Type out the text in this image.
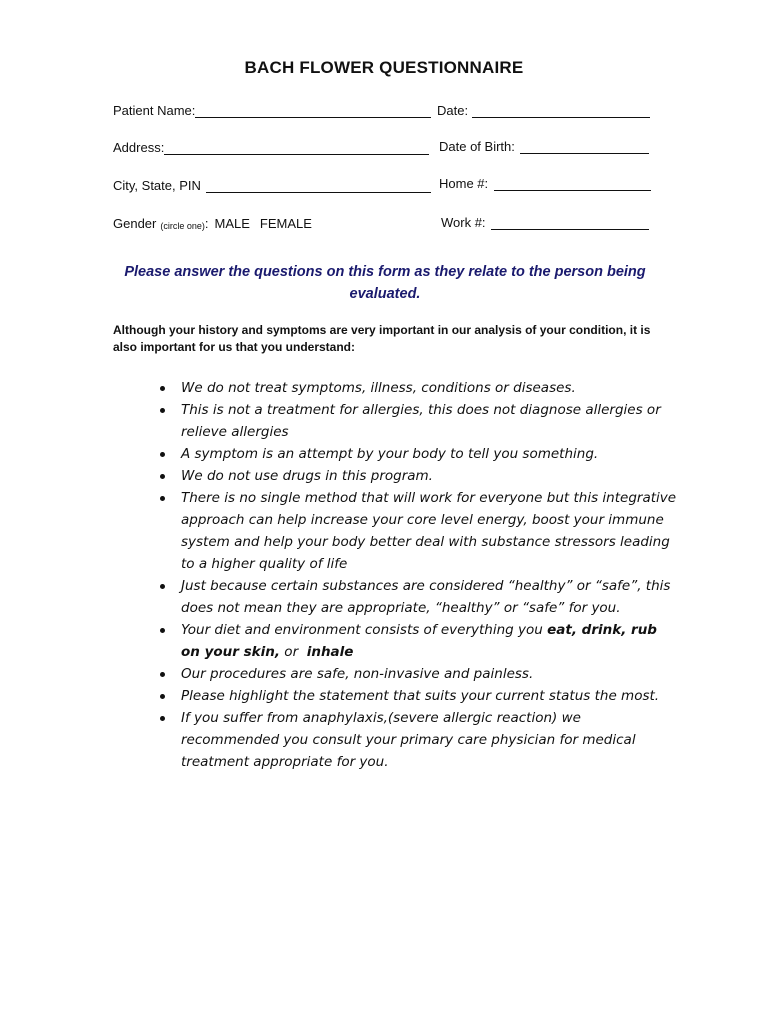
BACH FLOWER QUESTIONNAIRE
Patient Name:	Date:
Address:	Date of Birth:
City, State, PIN	Home #:
Gender (circle one) : MALE FEMALE	Work #:
Please answer the questions on this form as they relate to the person being evaluated.
Although your history and symptoms are very important in our analysis of your condition, it is also important for us that you understand:
We do not treat symptoms, illness, conditions or diseases.
This is not a treatment for allergies, this does not diagnose allergies or relieve allergies
A symptom is an attempt by your body to tell you something.
We do not use drugs in this program.
There is no single method that will work for everyone but this integrative approach can help increase your core level energy, boost your immune system and help your body better deal with substance stressors leading to a higher quality of life
Just because certain substances are considered “healthy” or “safe”, this does not mean they are appropriate, “healthy” or “safe” for you.
Your diet and environment consists of everything you eat, drink, rub on your skin, or  inhale
Our procedures are safe, non-invasive and painless.
Please highlight the statement that suits your current status the most.
If you suffer from anaphylaxis,(severe allergic reaction) we recommended you consult your primary care physician for medical treatment appropriate for you.
